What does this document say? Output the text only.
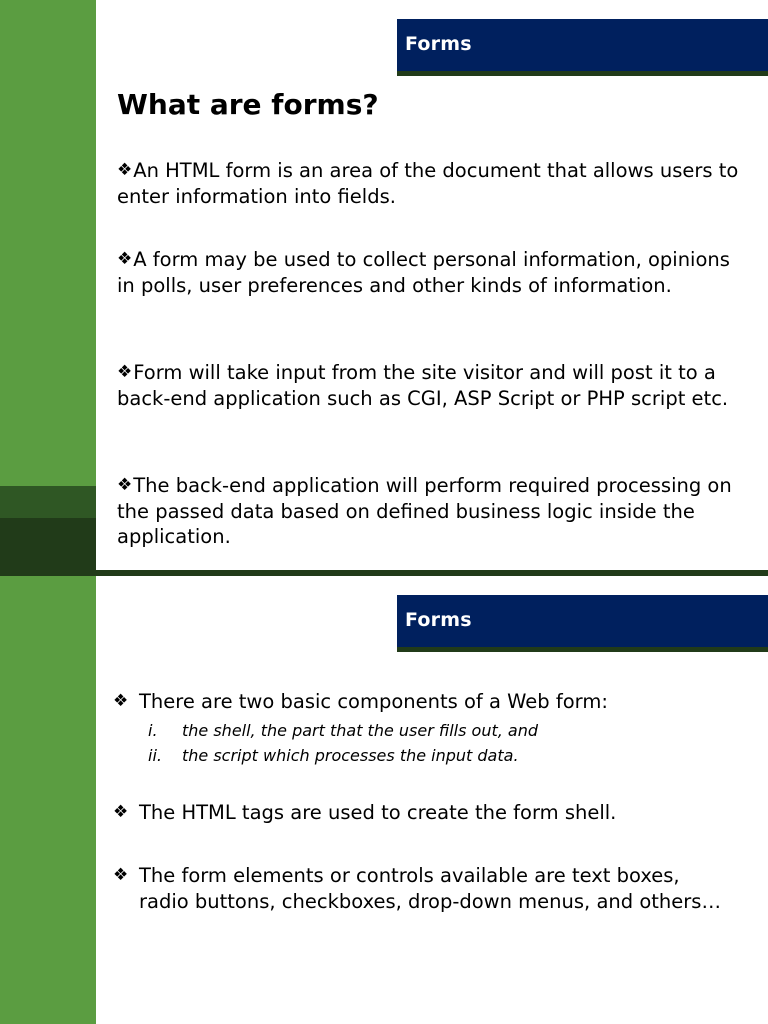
Forms
What are forms?

❖An HTML form is an area of the document that allows users to enter information into fields.

❖A form may be used to collect personal information, opinions in polls, user preferences and other kinds of information.

❖Form will take input from the site visitor and will post it to a back-end application such as CGI, ASP Script or PHP script etc.

❖The back-end application will perform required processing on the passed data based on defined business logic inside the application.

Forms

❖ There are two basic components of a Web form:

i. the shell, the part that the user fills out, and
ii. the script which processes the input data.

❖ The HTML tags are used to create the form shell.

❖ The form elements or controls available are text boxes, radio buttons, checkboxes, drop-down menus, and others…
